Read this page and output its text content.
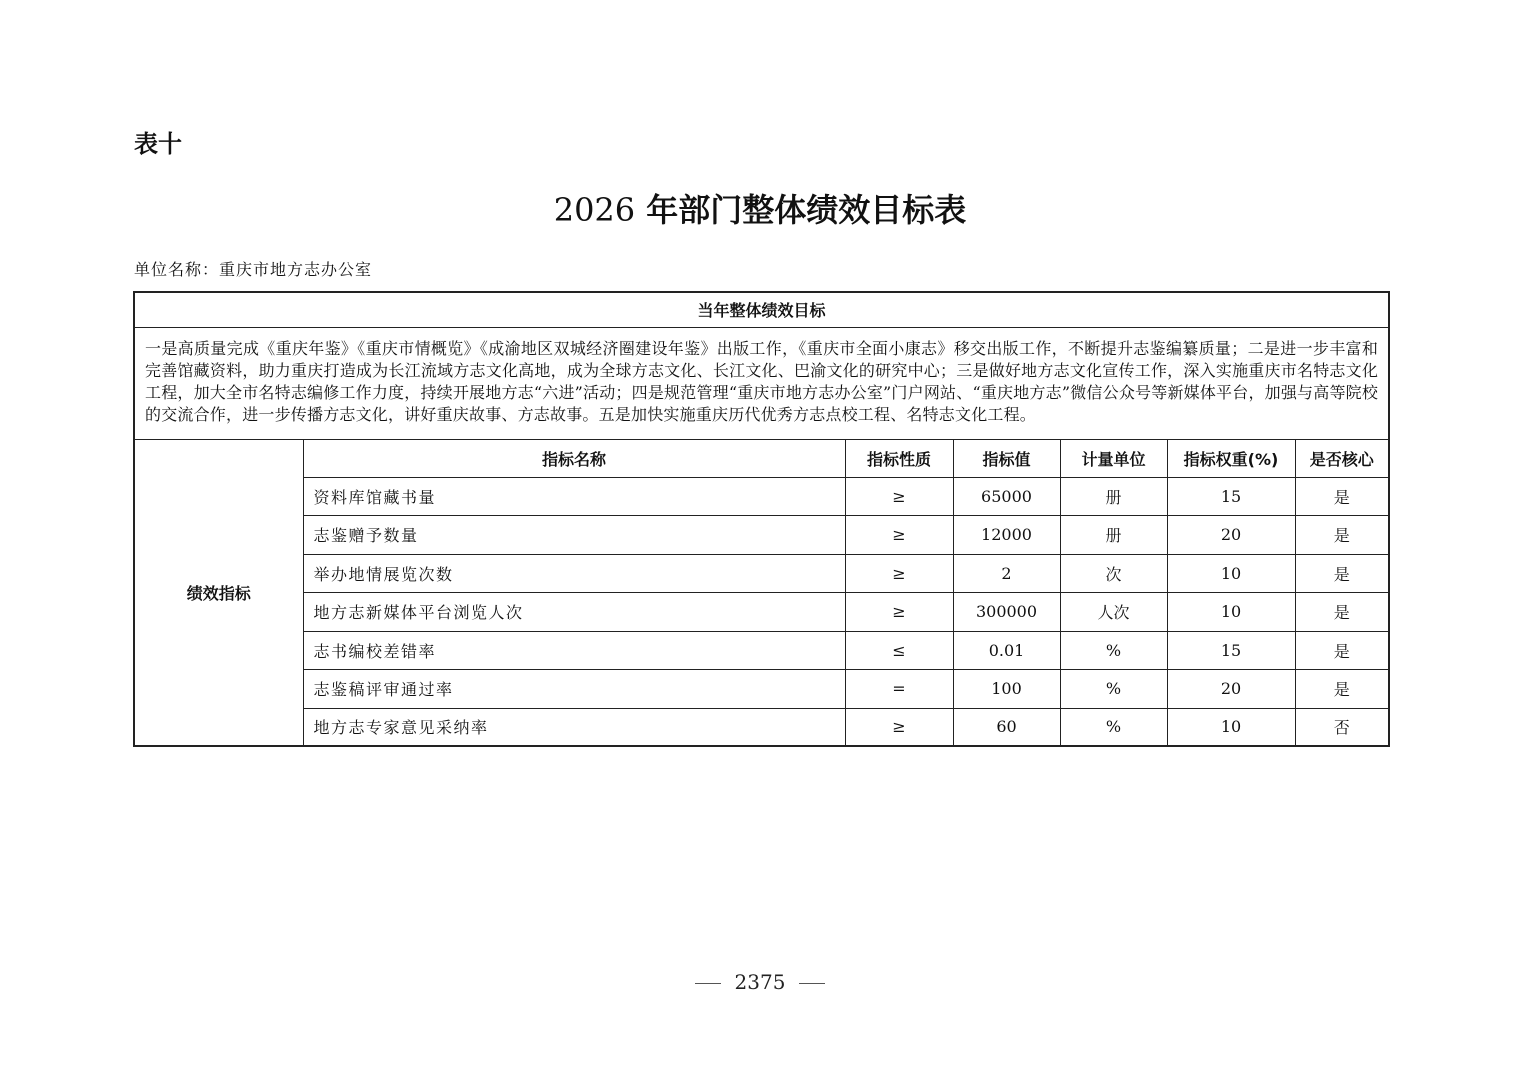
表十
2026 年部门整体绩效目标表
单位名称：重庆市地方志办公室
当年整体绩效目标						
一是高质量完成《重庆年鉴》《重庆市情概览》《成渝地区双城经济圈建设年鉴》出版工作，《重庆市全面小康志》移交出版工作，不断提升志鉴编纂质量；二是进一步丰富和完善馆藏资料，助力重庆打造成为长江流域方志文化高地，成为全球方志文化、长江文化、巴渝文化的研究中心；三是做好地方志文化宣传工作，深入实施重庆市名特志文化工程，加大全市名特志编修工作力度，持续开展地方志“六进”活动；四是规范管理“重庆市地方志办公室”门户网站、“重庆地方志”微信公众号等新媒体平台，加强与高等院校的交流合作，进一步传播方志文化，讲好重庆故事、方志故事。五是加快实施重庆历代优秀方志点校工程、名特志文化工程。						
绩效指标	指标名称	指标性质	指标值	计量单位	指标权重(%)	是否核心
	资料库馆藏书量	≥	65000	册	15	是
	志鉴赠予数量	≥	12000	册	20	是
	举办地情展览次数	≥	2	次	10	是
	地方志新媒体平台浏览人次	≥	300000	人次	10	是
	志书编校差错率	≤	0.01	%	15	是
	志鉴稿评审通过率	=	100	%	20	是
	地方志专家意见采纳率	≥	60	%	10	否
2375
